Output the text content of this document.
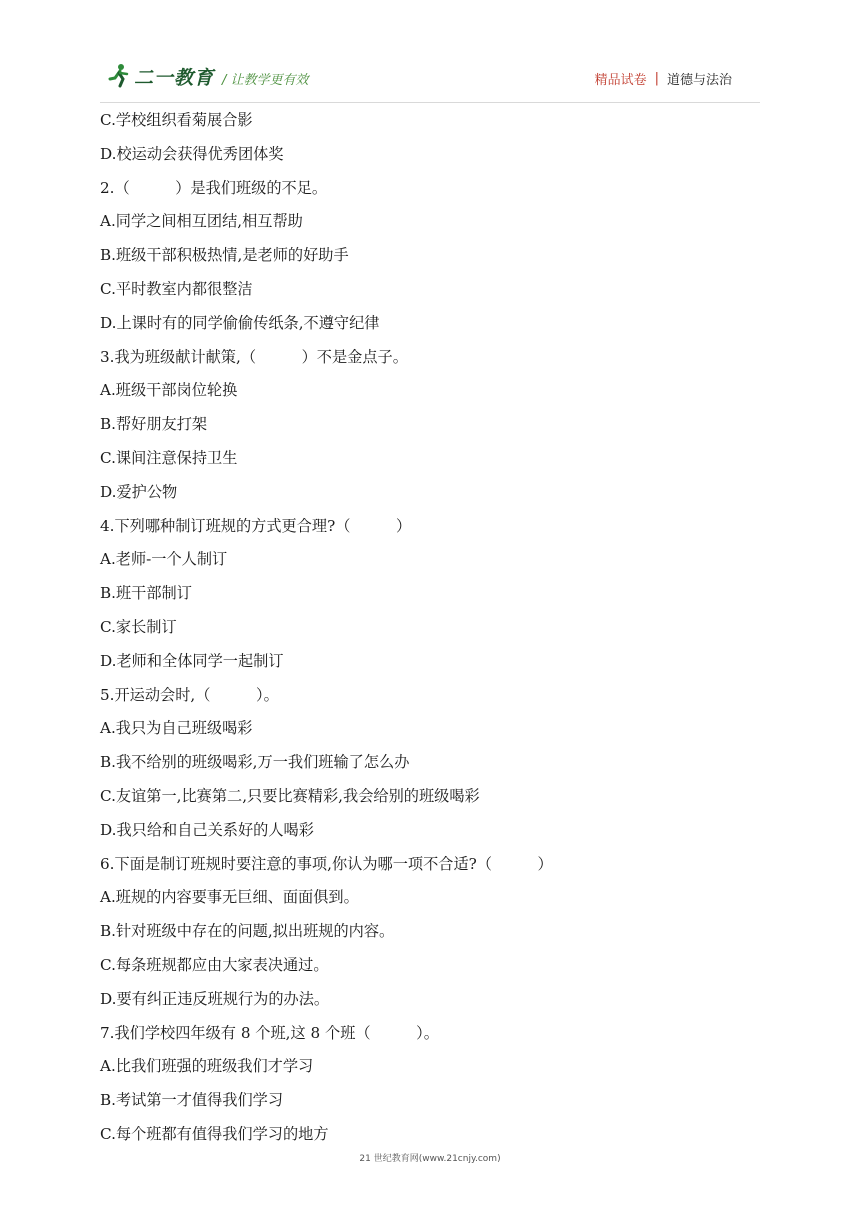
二一教育 / 让教学更有效	精品试卷 | 道德与法治
C.学校组织看菊展合影
D.校运动会获得优秀团体奖
2.（　　　）是我们班级的不足。
A.同学之间相互团结,相互帮助
B.班级干部积极热情,是老师的好助手
C.平时教室内都很整洁
D.上课时有的同学偷偷传纸条,不遵守纪律
3.我为班级献计献策,（　　　）不是金点子。
A.班级干部岗位轮换
B.帮好朋友打架
C.课间注意保持卫生
D.爱护公物
4.下列哪种制订班规的方式更合理?（　　　）
A.老师-一个人制订
B.班干部制订
C.家长制订
D.老师和全体同学一起制订
5.开运动会时,（　　　）。
A.我只为自己班级喝彩
B.我不给别的班级喝彩,万一我们班输了怎么办
C.友谊第一,比赛第二,只要比赛精彩,我会给别的班级喝彩
D.我只给和自己关系好的人喝彩
6.下面是制订班规时要注意的事项,你认为哪一项不合适?（　　　）
A.班规的内容要事无巨细、面面俱到。
B.针对班级中存在的问题,拟出班规的内容。
C.每条班规都应由大家表决通过。
D.要有纠正违反班规行为的办法。
7.我们学校四年级有 8 个班,这 8 个班（　　　）。
A.比我们班强的班级我们才学习
B.考试第一才值得我们学习
C.每个班都有值得我们学习的地方
21 世纪教育网(www.21cnjy.com)
